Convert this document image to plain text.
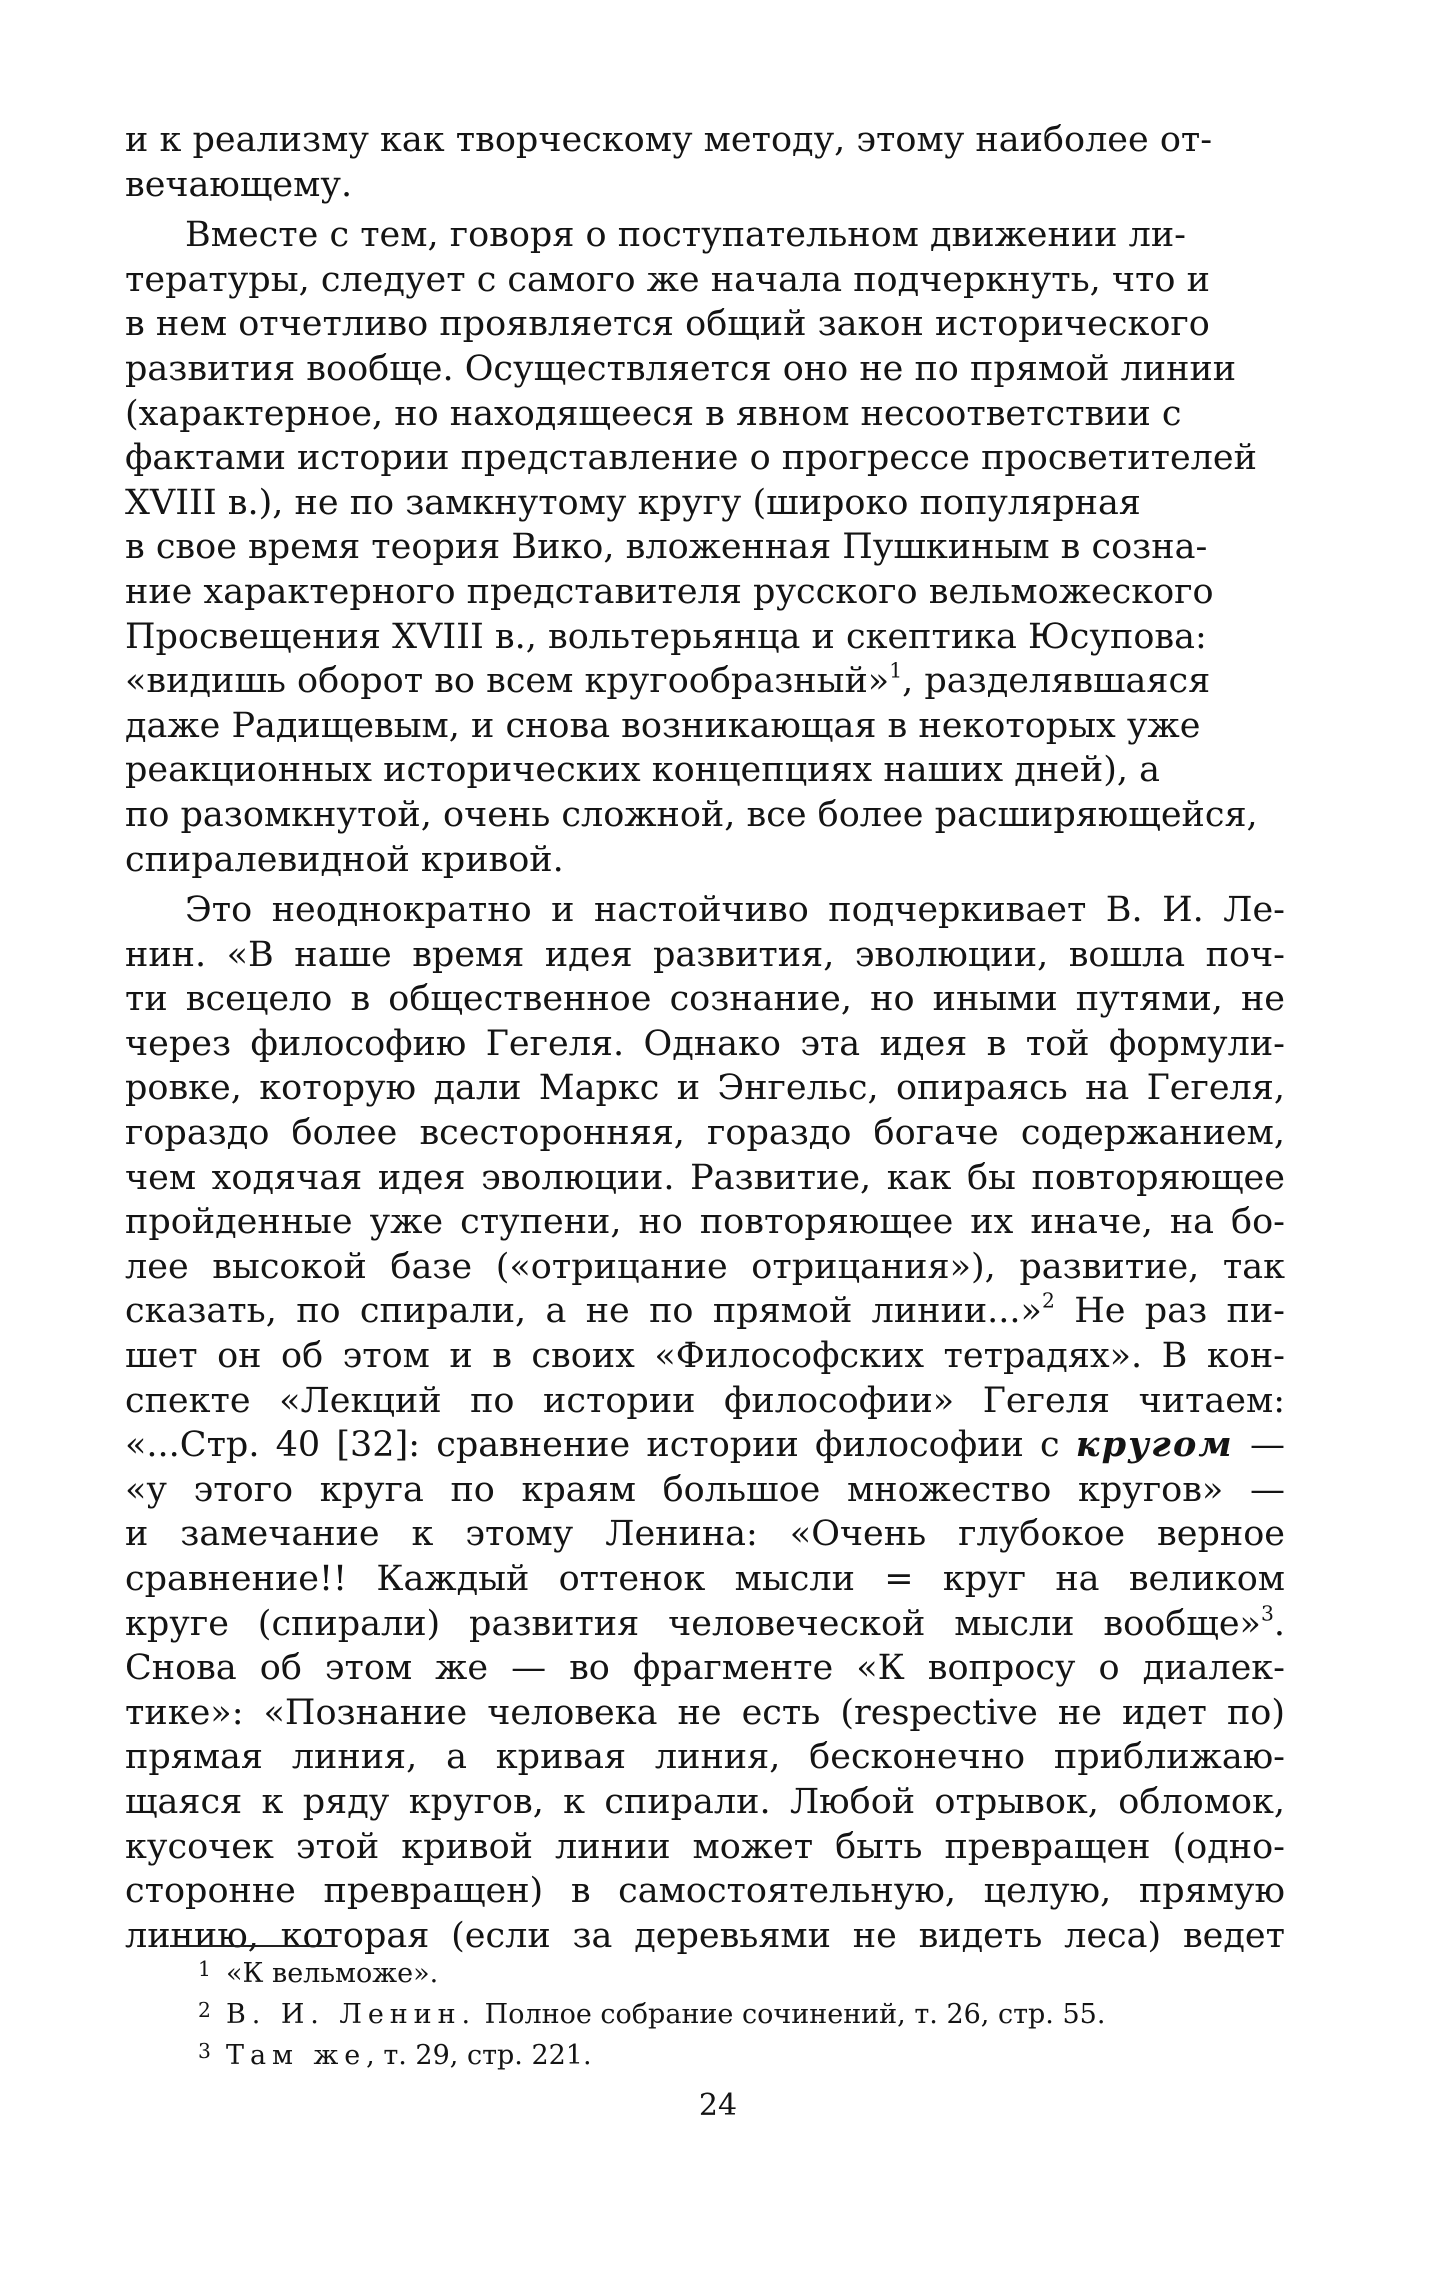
и к реализму как творческому методу, этому наиболее от-
вечающему.

Вместе с тем, говоря о поступательном движении ли-
тературы, следует с самого же начала подчеркнуть, что и
в нем отчетливо проявляется общий закон исторического
развития вообще. Осуществляется оно не по прямой линии
(характерное, но находящееся в явном несоответствии с
фактами истории представление о прогрессе просветителей
XVIII в.), не по замкнутому кругу (широко популярная
в свое время теория Вико, вложенная Пушкиным в созна-
ние характерного представителя русского вельможеского
Просвещения XVIII в., вольтерьянца и скептика Юсупова:
«видишь оборот во всем кругообразный»$^1$, разделявшаяся
даже Радищевым, и снова возникающая в некоторых уже
реакционных исторических концепциях наших дней), а
по разомкнутой, очень сложной, все более расширяющейся,
спиралевидной кривой.

Это неоднократно и настойчиво подчеркивает В. И. Ле-
нин. «В наше время идея развития, эволюции, вошла поч-
ти всецело в общественное сознание, но иными путями, не
через философию Гегеля. Однако эта идея в той формули-
ровке, которую дали Маркс и Энгельс, опираясь на Гегеля,
гораздо более всесторонняя, гораздо богаче содержанием,
чем ходячая идея эволюции. Развитие, как бы повторяющее
пройденные уже ступени, но повторяющее их иначе, на бо-
лее высокой базе («отрицание отрицания»), развитие, так
сказать, по спирали, а не по прямой линии...»$^2$ Не раз пи-
шет он об этом и в своих «Философских тетрадях». В кон-
спекте «Лекций по истории философии» Гегеля читаем:
«...Стр. 40 [32]: сравнение истории философии с кругом —
«у этого круга по краям большое множество кругов» —
и замечание к этому Ленина: «Очень глубокое верное
сравнение!! Каждый оттенок мысли = круг на великом
круге (спирали) развития человеческой мысли вообще»$^3$.
Снова об этом же — во фрагменте «К вопросу о диалек-
тике»: «Познание человека не есть (respective не идет по)
прямая линия, а кривая линия, бесконечно приближаю-
щаяся к ряду кругов, к спирали. Любой отрывок, обломок,
кусочек этой кривой линии может быть превращен (одно-
сторонне превращен) в самостоятельную, целую, прямую
линию, которая (если за деревьями не видеть леса) ведет

1 «К вельможе».

2 В. И. Ленин. Полное собрание сочинений, т. 26, стр. 55.

3 Там же, т. 29, стр. 221.

24
